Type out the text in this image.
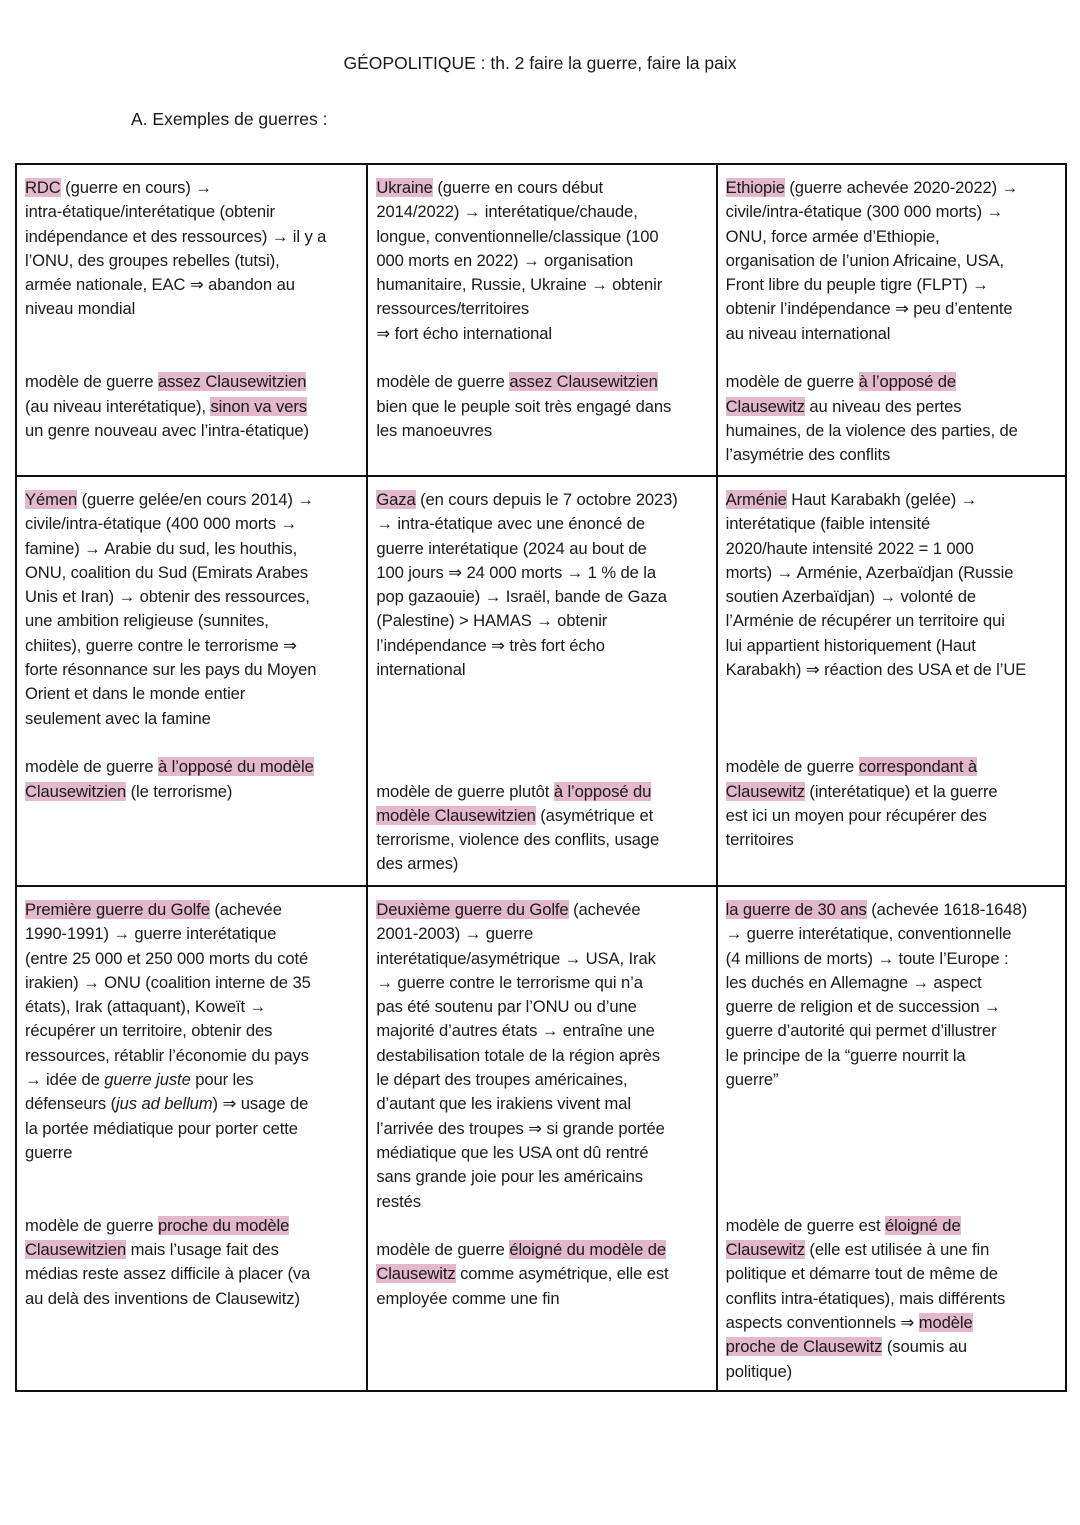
GÉOPOLITIQUE : th. 2 faire la guerre, faire la paix
A. Exemples de guerres :
RDC (guerre en cours) →
intra-étatique/interétatique (obtenir
indépendance et des ressources) → il y a
l’ONU, des groupes rebelles (tutsi),
armée nationale, EAC ⇒ abandon au
niveau mondial
modèle de guerre assez Clausewitzien
(au niveau interétatique), sinon va vers
un genre nouveau avec l’intra-étatique)
Ukraine (guerre en cours début
2014/2022) → interétatique/chaude,
longue, conventionnelle/classique (100
000 morts en 2022) → organisation
humanitaire, Russie, Ukraine → obtenir
ressources/territoires
⇒ fort écho international
modèle de guerre assez Clausewitzien
bien que le peuple soit très engagé dans
les manoeuvres
Ethiopie (guerre achevée 2020-2022) →
civile/intra-étatique (300 000 morts) →
ONU, force armée d’Ethiopie,
organisation de l’union Africaine, USA,
Front libre du peuple tigre (FLPT) →
obtenir l’indépendance ⇒ peu d’entente
au niveau international
modèle de guerre à l’opposé de
Clausewitz au niveau des pertes
humaines, de la violence des parties, de
l’asymétrie des conflits
Yémen (guerre gelée/en cours 2014) →
civile/intra-étatique (400 000 morts →
famine) → Arabie du sud, les houthis,
ONU, coalition du Sud (Emirats Arabes
Unis et Iran) → obtenir des ressources,
une ambition religieuse (sunnites,
chiites), guerre contre le terrorisme ⇒
forte résonnance sur les pays du Moyen
Orient et dans le monde entier
seulement avec la famine
modèle de guerre à l’opposé du modèle
Clausewitzien (le terrorisme)
Gaza (en cours depuis le 7 octobre 2023)
→ intra-étatique avec une énoncé de
guerre interétatique (2024 au bout de
100 jours ⇒ 24 000 morts → 1 % de la
pop gazaouie) → Israël, bande de Gaza
(Palestine) > HAMAS → obtenir
l’indépendance ⇒ très fort écho
international
modèle de guerre plutôt à l’opposé du
modèle Clausewitzien (asymétrique et
terrorisme, violence des conflits, usage
des armes)
Arménie Haut Karabakh (gelée) →
interétatique (faible intensité
2020/haute intensité 2022 = 1 000
morts) → Arménie, Azerbaïdjan (Russie
soutien Azerbaïdjan) → volonté de
l’Arménie de récupérer un territoire qui
lui appartient historiquement (Haut
Karabakh) ⇒ réaction des USA et de l’UE
modèle de guerre correspondant à
Clausewitz (interétatique) et la guerre
est ici un moyen pour récupérer des
territoires
Première guerre du Golfe (achevée
1990-1991) → guerre interétatique
(entre 25 000 et 250 000 morts du coté
irakien) → ONU (coalition interne de 35
états), Irak (attaquant), Koweït →
récupérer un territoire, obtenir des
ressources, rétablir l’économie du pays
→ idée de guerre juste pour les
défenseurs (jus ad bellum) ⇒ usage de
la portée médiatique pour porter cette
guerre
modèle de guerre proche du modèle
Clausewitzien mais l’usage fait des
médias reste assez difficile à placer (va
au delà des inventions de Clausewitz)
Deuxième guerre du Golfe (achevée
2001-2003) → guerre
interétatique/asymétrique → USA, Irak
→ guerre contre le terrorisme qui n’a
pas été soutenu par l’ONU ou d’une
majorité d’autres états → entraîne une
destabilisation totale de la région après
le départ des troupes américaines,
d’autant que les irakiens vivent mal
l’arrivée des troupes ⇒ si grande portée
médiatique que les USA ont dû rentré
sans grande joie pour les américains
restés
modèle de guerre éloigné du modèle de
Clausewitz comme asymétrique, elle est
employée comme une fin
la guerre de 30 ans (achevée 1618-1648)
→ guerre interétatique, conventionnelle
(4 millions de morts) → toute l’Europe :
les duchés en Allemagne → aspect
guerre de religion et de succession →
guerre d’autorité qui permet d’illustrer
le principe de la “guerre nourrit la
guerre”
modèle de guerre est éloigné de
Clausewitz (elle est utilisée à une fin
politique et démarre tout de même de
conflits intra-étatiques), mais différents
aspects conventionnels ⇒ modèle
proche de Clausewitz (soumis au
politique)
